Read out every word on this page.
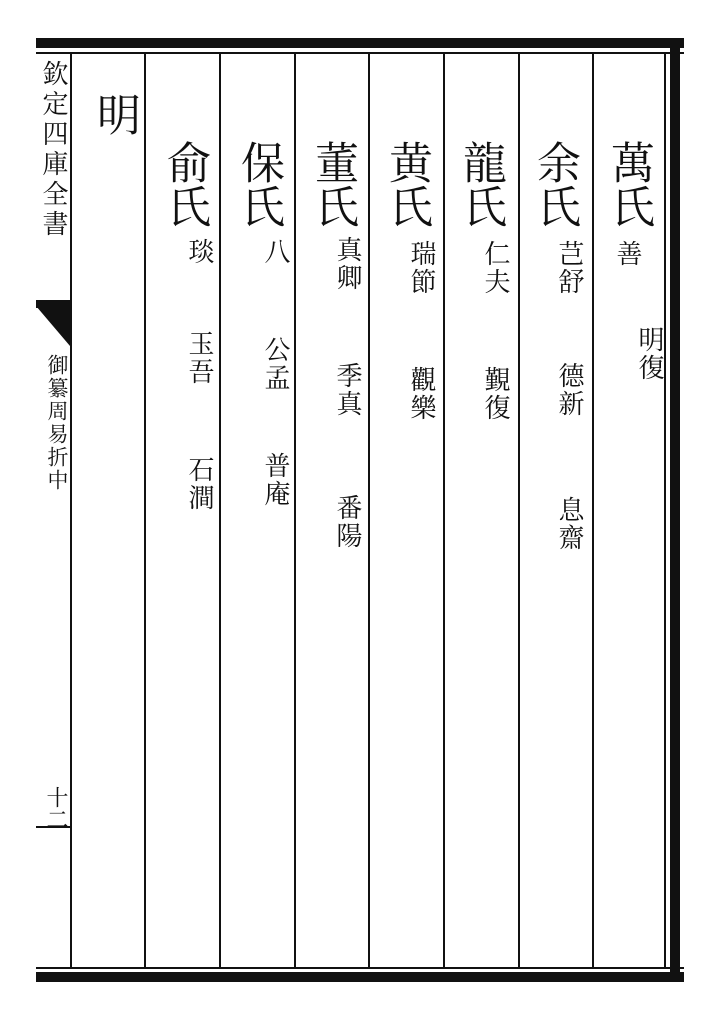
欽定四庫全書
御纂周易折中
十二
明
萬氏
善
明復
余氏
芑舒
德新
息齋
龍氏
仁夫
覲復
黄氏
瑞節
觀樂
董氏
真卿
季真
番陽
保氏
八
公孟
普庵
俞氏
琰
玉吾
石澗
